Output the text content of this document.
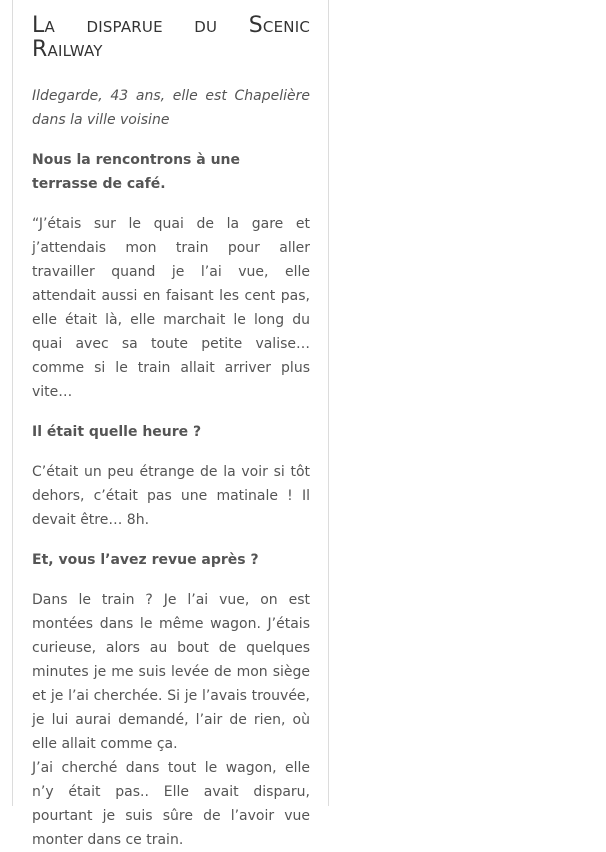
La disparue du Scenic Railway

Ildegarde, 43 ans, elle est Chapelière dans la ville voisine

Nous la rencontrons à une terrasse de café.

“J’étais sur le quai de la gare et j’attendais mon train pour aller travailler quand je l’ai vue, elle attendait aussi en faisant les cent pas, elle était là, elle marchait le long du quai avec sa toute petite valise… comme si le train allait arriver plus vite…

Il était quelle heure ?

C’était un peu étrange de la voir si tôt dehors, c’était pas une matinale ! Il devait être… 8h.

Et, vous l’avez revue après ?

Dans le train ? Je l’ai vue, on est montées dans le même wagon. J’étais curieuse, alors au bout de quelques minutes je me suis levée de mon siège et je l’ai cherchée. Si je l’avais trouvée, je lui aurai demandé, l’air de rien, où elle allait comme ça.
J’ai cherché dans tout le wagon, elle n’y était pas.. Elle avait disparu, pourtant je suis sûre de l’avoir vue monter dans ce train.
